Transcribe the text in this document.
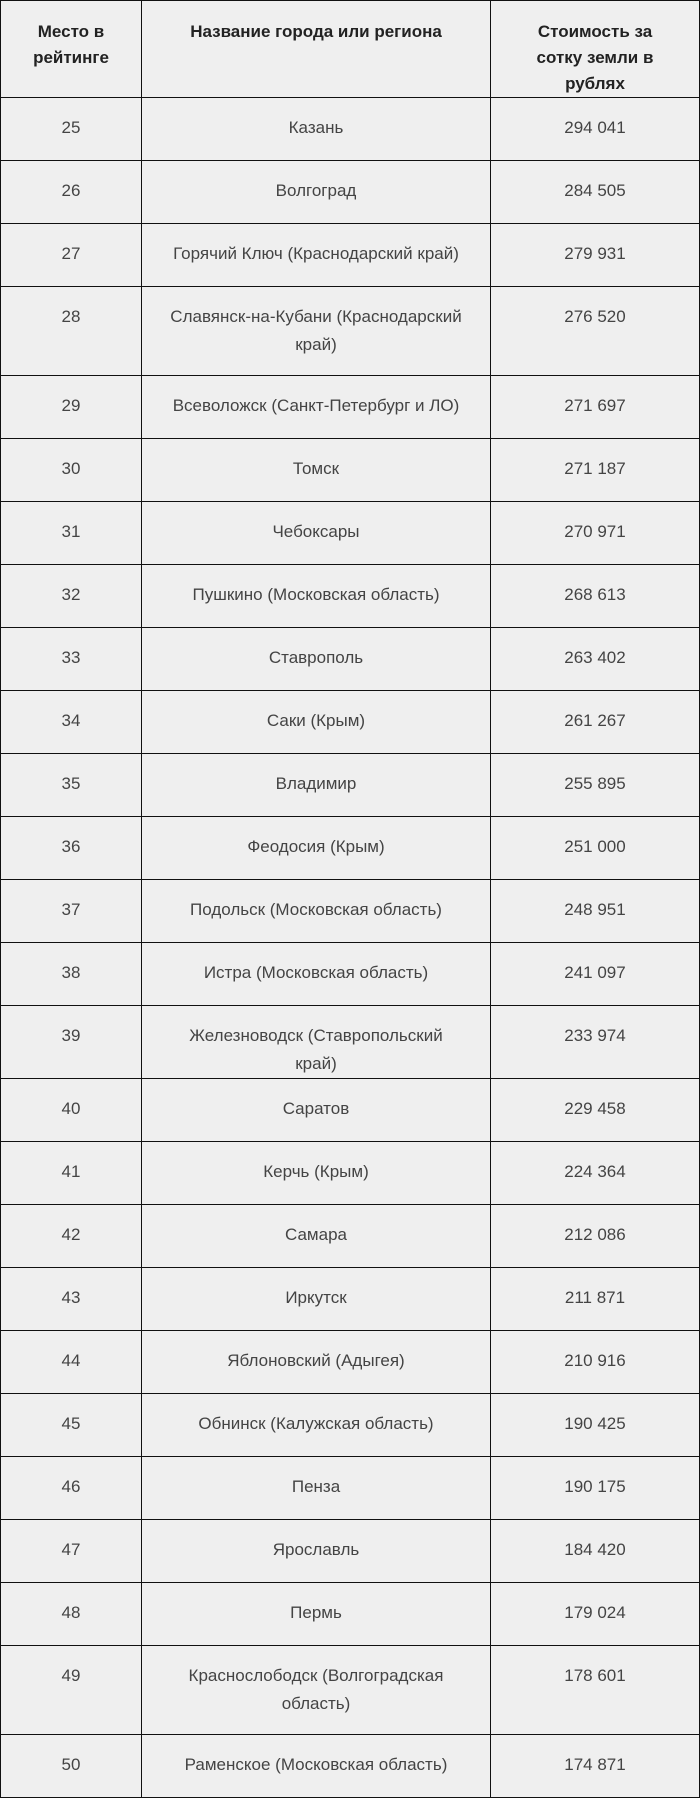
Место в рейтинге	Название города или региона	Стоимость за сотку земли в рублях
25	Казань	294 041
26	Волгоград	284 505
27	Горячий Ключ (Краснодарский край)	279 931
28	Славянск-на-Кубани (Краснодарский край)	276 520
29	Всеволожск (Санкт-Петербург и ЛО)	271 697
30	Томск	271 187
31	Чебоксары	270 971
32	Пушкино (Московская область)	268 613
33	Ставрополь	263 402
34	Саки (Крым)	261 267
35	Владимир	255 895
36	Феодосия (Крым)	251 000
37	Подольск (Московская область)	248 951
38	Истра (Московская область)	241 097
39	Железноводск (Ставропольский край)	233 974
40	Саратов	229 458
41	Керчь (Крым)	224 364
42	Самара	212 086
43	Иркутск	211 871
44	Яблоновский (Адыгея)	210 916
45	Обнинск (Калужская область)	190 425
46	Пенза	190 175
47	Ярославль	184 420
48	Пермь	179 024
49	Краснослободск (Волгоградская область)	178 601
50	Раменское (Московская область)	174 871
